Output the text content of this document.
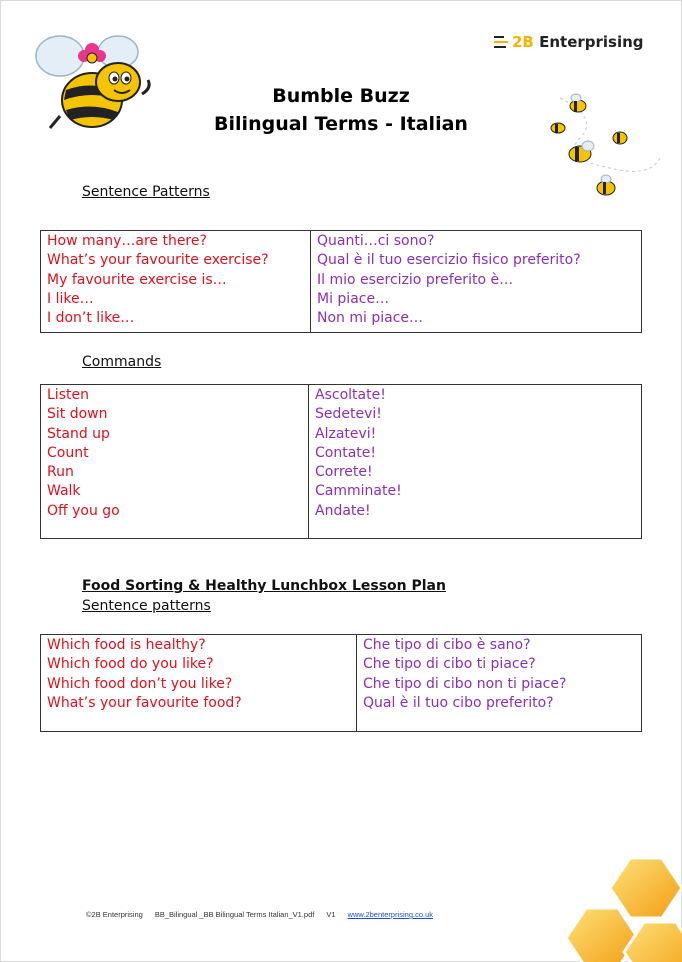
2B Enterprising
Bumble Buzz
Bilingual Terms - Italian
Sentence Patterns
How many…are there?
What’s your favourite exercise?
My favourite exercise is…
I like…
I don’t like…
Quanti…ci sono?
Qual è il tuo esercizio fisico preferito?
Il mio esercizio preferito è…
Mi piace…
Non mi piace…
Commands
Listen
Sit down
Stand up
Count
Run
Walk
Off you go
Ascoltate!
Sedetevi!
Alzatevi!
Contate!
Correte!
Camminate!
Andate!
Food Sorting & Healthy Lunchbox Lesson Plan
Sentence patterns
Which food is healthy?
Which food do you like?
Which food don’t you like?
What’s your favourite food?
Che tipo di cibo è sano?
Che tipo di cibo ti piace?
Che tipo di cibo non ti piace?
Qual è il tuo cibo preferito?
©2B Enterprising BB_Bilingual _BB Bilingual Terms Italian_V1.pdf V1 www.2benterprising.co.uk
